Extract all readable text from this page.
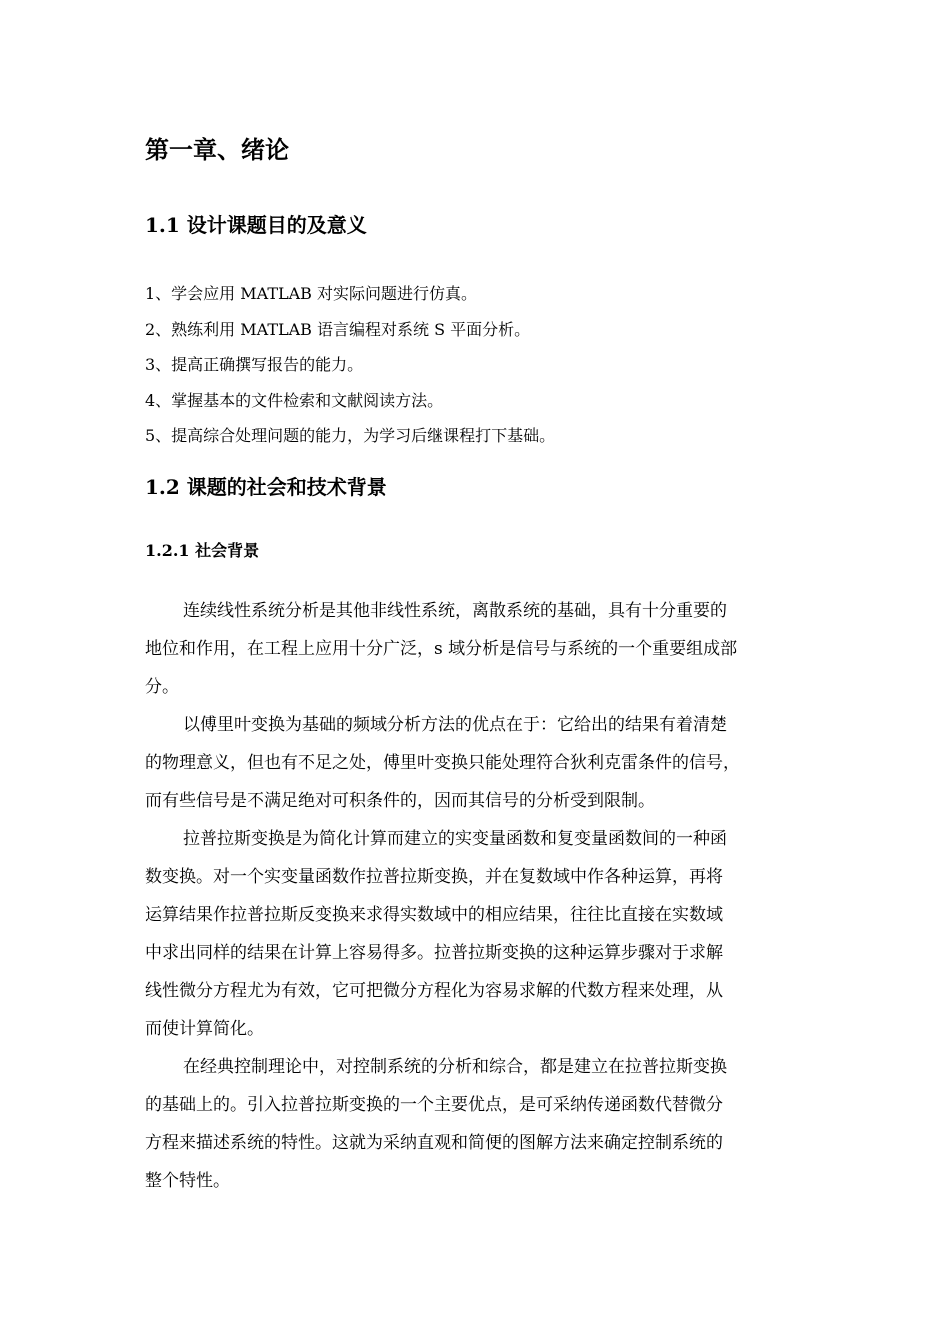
第一章、绪论
1.1 设计课题目的及意义
1、学会应用 MATLAB 对实际问题进行仿真。
2、熟练利用 MATLAB 语言编程对系统 S 平面分析。
3、提高正确撰写报告的能力。
4、掌握基本的文件检索和文献阅读方法。
5、提高综合处理问题的能力，为学习后继课程打下基础。
1.2 课题的社会和技术背景
1.2.1 社会背景
连续线性系统分析是其他非线性系统，离散系统的基础，具有十分重要的
地位和作用，在工程上应用十分广泛，s 域分析是信号与系统的一个重要组成部
分。
以傅里叶变换为基础的频域分析方法的优点在于：它给出的结果有着清楚
的物理意义，但也有不足之处，傅里叶变换只能处理符合狄利克雷条件的信号，
而有些信号是不满足绝对可积条件的，因而其信号的分析受到限制。
拉普拉斯变换是为简化计算而建立的实变量函数和复变量函数间的一种函
数变换。对一个实变量函数作拉普拉斯变换，并在复数域中作各种运算，再将
运算结果作拉普拉斯反变换来求得实数域中的相应结果，往往比直接在实数域
中求出同样的结果在计算上容易得多。拉普拉斯变换的这种运算步骤对于求解
线性微分方程尤为有效，它可把微分方程化为容易求解的代数方程来处理，从
而使计算简化。
在经典控制理论中，对控制系统的分析和综合，都是建立在拉普拉斯变换
的基础上的。引入拉普拉斯变换的一个主要优点，是可采纳传递函数代替微分
方程来描述系统的特性。这就为采纳直观和简便的图解方法来确定控制系统的
整个特性。
